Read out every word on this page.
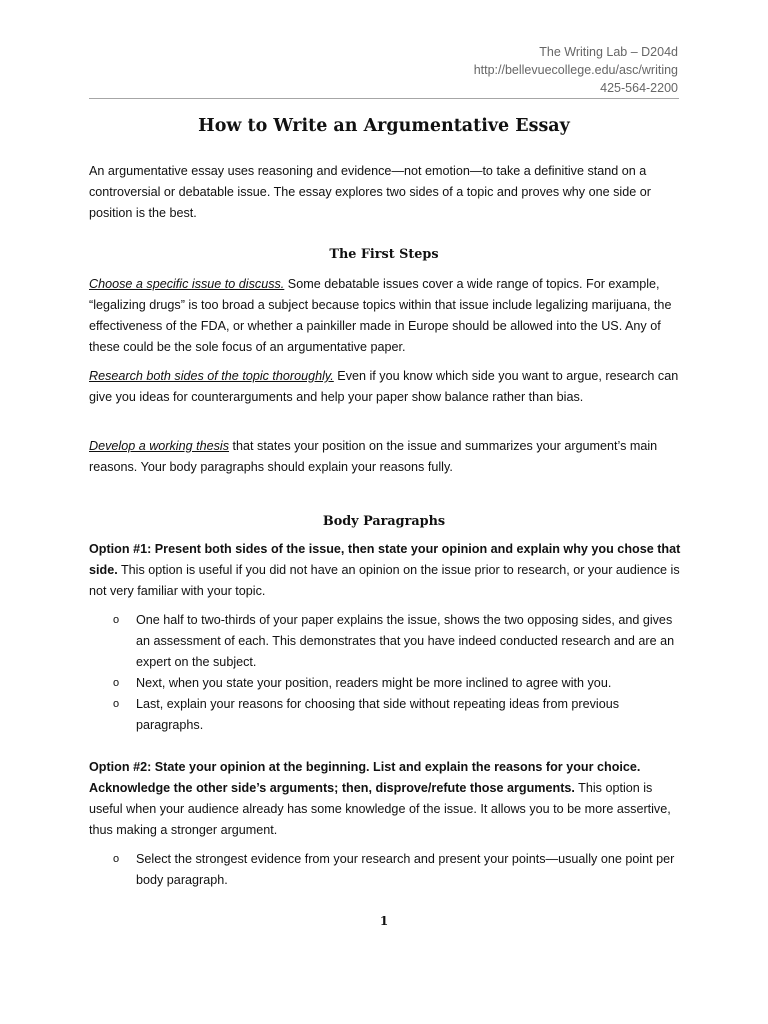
The Writing Lab – D204d
http://bellevuecollege.edu/asc/writing
425-564-2200
How to Write an Argumentative Essay

An argumentative essay uses reasoning and evidence—not emotion—to take a definitive stand on a controversial or debatable issue. The essay explores two sides of a topic and proves why one side or position is the best.

The First Steps

Choose a specific issue to discuss. Some debatable issues cover a wide range of topics. For example, “legalizing drugs” is too broad a subject because topics within that issue include legalizing marijuana, the effectiveness of the FDA, or whether a painkiller made in Europe should be allowed into the US. Any of these could be the sole focus of an argumentative paper.

Research both sides of the topic thoroughly. Even if you know which side you want to argue, research can give you ideas for counterarguments and help your paper show balance rather than bias.

Develop a working thesis that states your position on the issue and summarizes your argument’s main reasons. Your body paragraphs should explain your reasons fully.

Body Paragraphs

Option #1: Present both sides of the issue, then state your opinion and explain why you chose that side. This option is useful if you did not have an opinion on the issue prior to research, or your audience is not very familiar with your topic.

o One half to two-thirds of your paper explains the issue, shows the two opposing sides, and gives an assessment of each. This demonstrates that you have indeed conducted research and are an expert on the subject.
o Next, when you state your position, readers might be more inclined to agree with you.
o Last, explain your reasons for choosing that side without repeating ideas from previous paragraphs.

Option #2: State your opinion at the beginning. List and explain the reasons for your choice. Acknowledge the other side’s arguments; then, disprove/refute those arguments. This option is useful when your audience already has some knowledge of the issue. It allows you to be more assertive, thus making a stronger argument.

o Select the strongest evidence from your research and present your points—usually one point per body paragraph.
1
